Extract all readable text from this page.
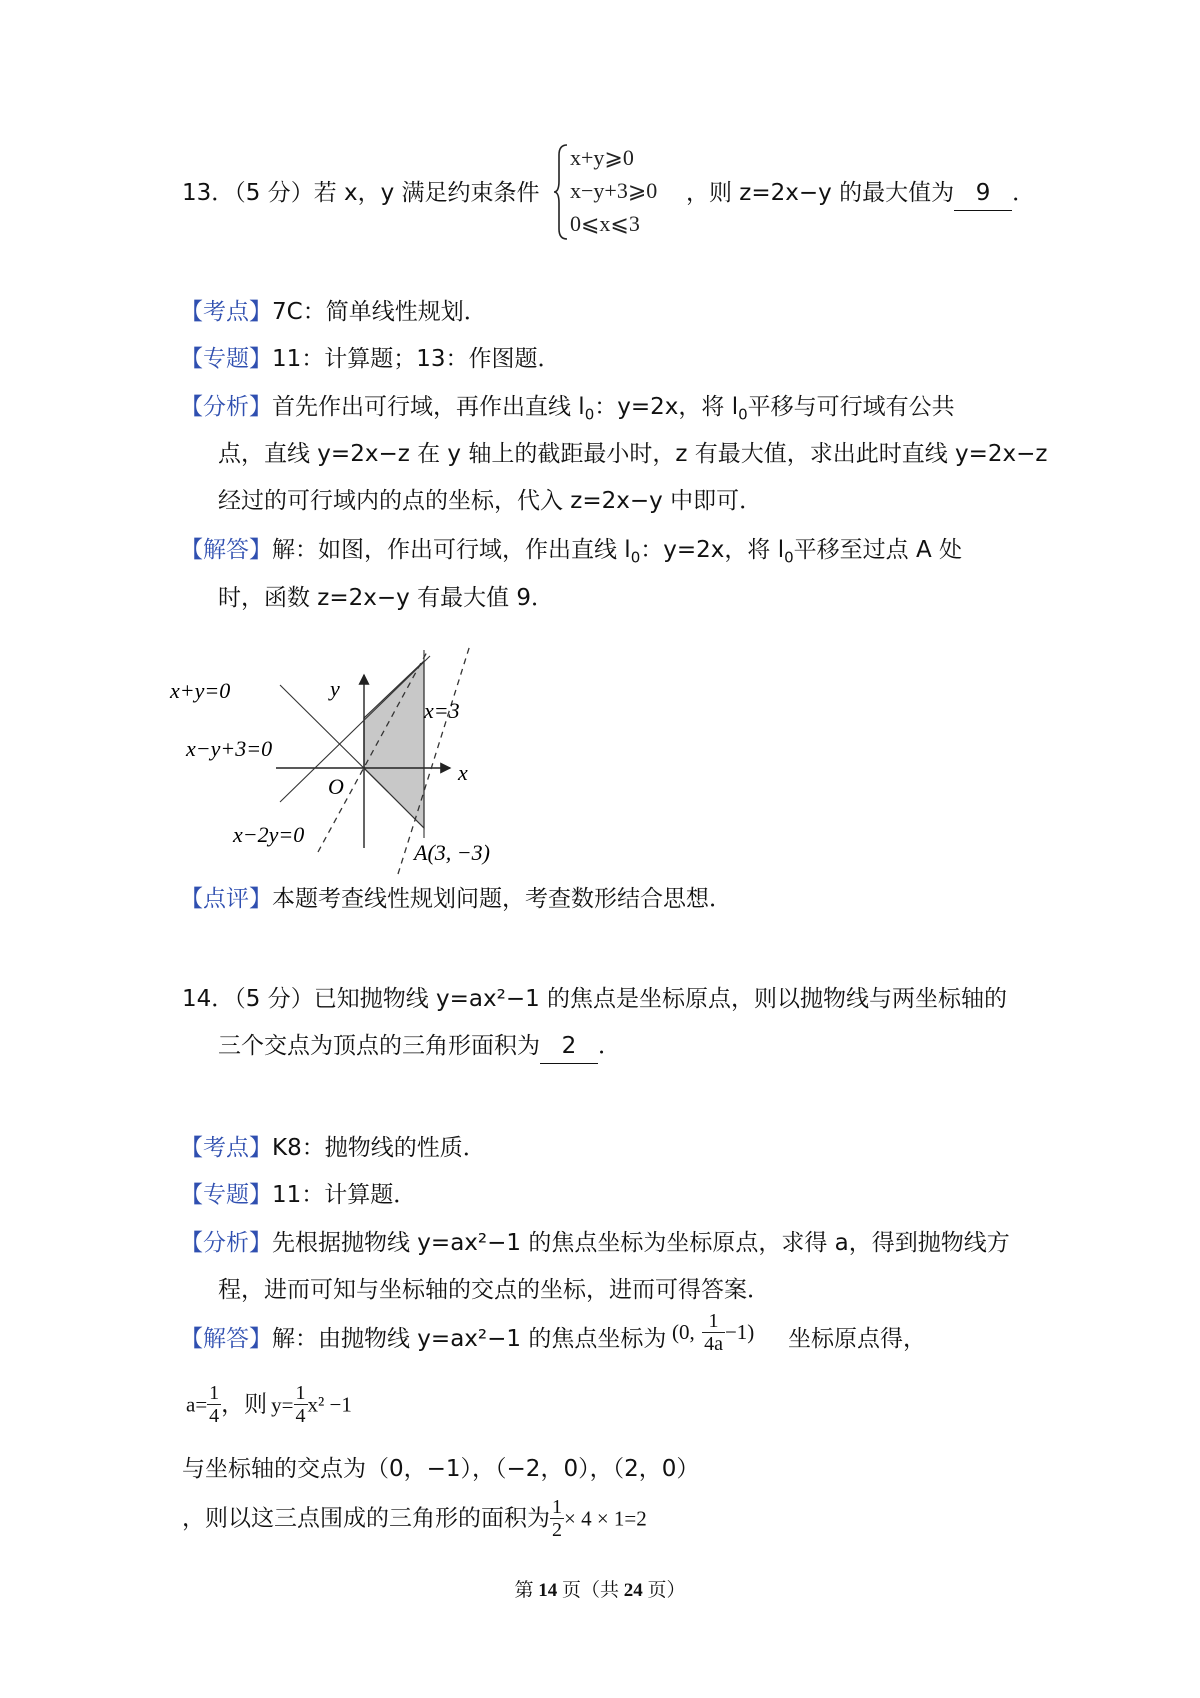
13．（5 分）若 x，y 满足约束条件
x+y⩾0
x−y+3⩾0
0⩽x⩽3
，则 z=2x−y 的最大值为 9 ．
【考点】7C：简单线性规划．
【专题】11：计算题；13：作图题．
【分析】首先作出可行域，再作出直线 $l_0$：y=2x，将 $l_0$平移与可行域有公共
点，直线 y=2x−z 在 y 轴上的截距最小时，z 有最大值，求出此时直线 y=2x−z
经过的可行域内的点的坐标，代入 z=2x−y 中即可．
【解答】解：如图，作出可行域，作出直线 $l_0$：y=2x，将 $l_0$平移至过点 A 处
时，函数 z=2x−y 有最大值 9．
x+y=0
x−y+3=0
x−2y=0
x=3
y
x
O
A(3, −3)
【点评】本题考查线性规划问题，考查数形结合思想．
14．（5 分）已知抛物线 y=ax²−1 的焦点是坐标原点，则以抛物线与两坐标轴的
三个交点为顶点的三角形面积为 2 ．
【考点】K8：抛物线的性质．
【专题】11：计算题．
【分析】先根据抛物线 y=ax²−1 的焦点坐标为坐标原点，求得 a，得到抛物线方
程，进而可知与坐标轴的交点的坐标，进而可得答案．
【解答】解：由抛物线 y=ax²−1 的焦点坐标为 (0, $\frac{1}{4a} -1$) 坐标原点得，
$a= \frac{1}{4}$ ，则 $y= \frac{1}{4} x^2 -1$
与坐标轴的交点为（0，−1），（−2，0），（2，0）
，则以这三点围成的三角形的面积为 $\frac{1}{2} \times 4 \times 1=2$
第 14 页（共 24 页）
